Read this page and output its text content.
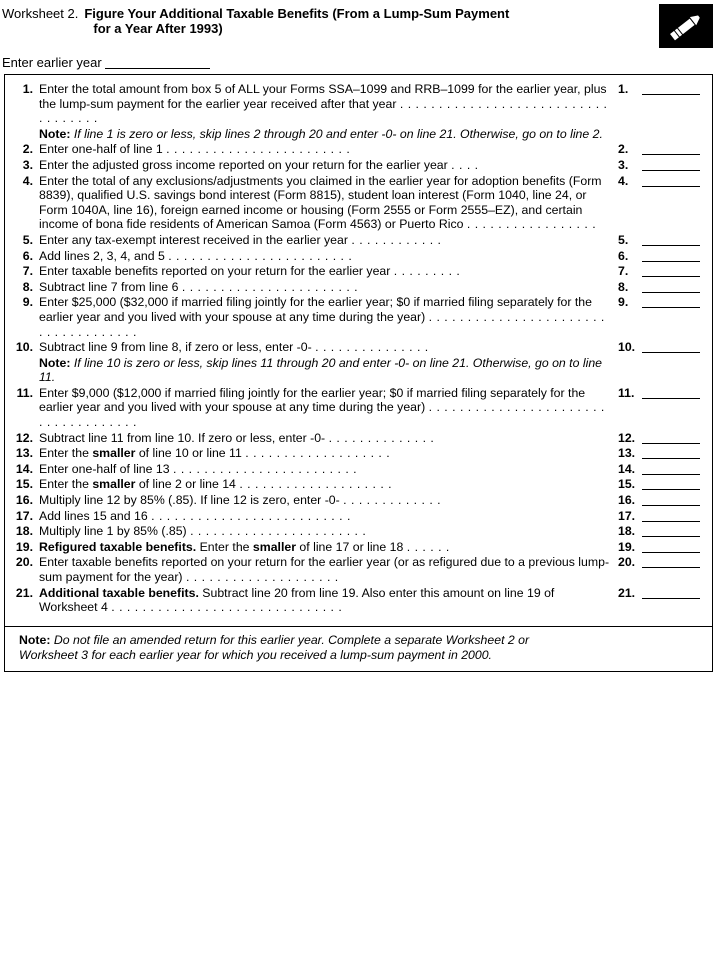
Worksheet 2. Figure Your Additional Taxable Benefits (From a Lump-Sum Payment
for a Year After 1993)
Enter earlier year
1. Enter the total amount from box 5 of ALL your Forms SSA–1099 and RRB–1099 for the earlier year, plus the lump-sum payment for the earlier year received after that year . . . . . . . . . . . . . . . . . . . . . . . . . . . . . . . . . . .
1.
Note: If line 1 is zero or less, skip lines 2 through 20 and enter -0- on line 21. Otherwise, go on to line 2.
2. Enter one-half of line 1 . . . . . . . . . . . . . . . . . . . . . . . .	2.
3. Enter the adjusted gross income reported on your return for the earlier year . . . .	3.
4. Enter the total of any exclusions/adjustments you claimed in the earlier year for adoption benefits (Form 8839), qualified U.S. savings bond interest (Form 8815), student loan interest (Form 1040, line 24, or Form 1040A, line 16), foreign earned income or housing (Form 2555 or Form 2555–EZ), and certain income of bona fide residents of American Samoa (Form 4563) or Puerto Rico . . . . . . . . . . . . . . . . .
4.
5. Enter any tax-exempt interest received in the earlier year . . . . . . . . . . . .	5.
6. Add lines 2, 3, 4, and 5 . . . . . . . . . . . . . . . . . . . . . . . .	6.
7. Enter taxable benefits reported on your return for the earlier year . . . . . . . . .	7.
8. Subtract line 7 from line 6 . . . . . . . . . . . . . . . . . . . . . . .	8.
9. Enter $25,000 ($32,000 if married filing jointly for the earlier year; $0 if married filing separately for the earlier year and you lived with your spouse at any time during the year) . . . . . . . . . . . . . . . . . . . . . . . . . . . . . . . . . . . .
9.
10. Subtract line 9 from line 8, if zero or less, enter -0- . . . . . . . . . . . . . . .	10.
Note: If line 10 is zero or less, skip lines 11 through 20 and enter -0- on line 21. Otherwise, go on to line 11.
11. Enter $9,000 ($12,000 if married filing jointly for the earlier year; $0 if married filing separately for the earlier year and you lived with your spouse at any time during the year) . . . . . . . . . . . . . . . . . . . . . . . . . . . . . . . . . . . .
11.
12. Subtract line 11 from line 10. If zero or less, enter -0- . . . . . . . . . . . . . .	12.
13. Enter the smaller of line 10 or line 11 . . . . . . . . . . . . . . . . . . .	13.
14. Enter one-half of line 13 . . . . . . . . . . . . . . . . . . . . . . . .	14.
15. Enter the smaller of line 2 or line 14 . . . . . . . . . . . . . . . . . . . .	15.
16. Multiply line 12 by 85% (.85). If line 12 is zero, enter -0- . . . . . . . . . . . . .	16.
17. Add lines 15 and 16 . . . . . . . . . . . . . . . . . . . . . . . . . .	17.
18. Multiply line 1 by 85% (.85) . . . . . . . . . . . . . . . . . . . . . . .	18.
19. Refigured taxable benefits. Enter the smaller of line 17 or line 18 . . . . . .	19.
20. Enter taxable benefits reported on your return for the earlier year (or as refigured due to a previous lump-sum payment for the year) . . . . . . . . . . . . . . . . . . . .
20.
21. Additional taxable benefits. Subtract line 20 from line 19. Also enter this amount on line 19 of Worksheet 4 . . . . . . . . . . . . . . . . . . . . . . . . . . . . . .
21.
Note: Do not file an amended return for this earlier year. Complete a separate Worksheet 2 or
Worksheet 3 for each earlier year for which you received a lump-sum payment in 2000.
